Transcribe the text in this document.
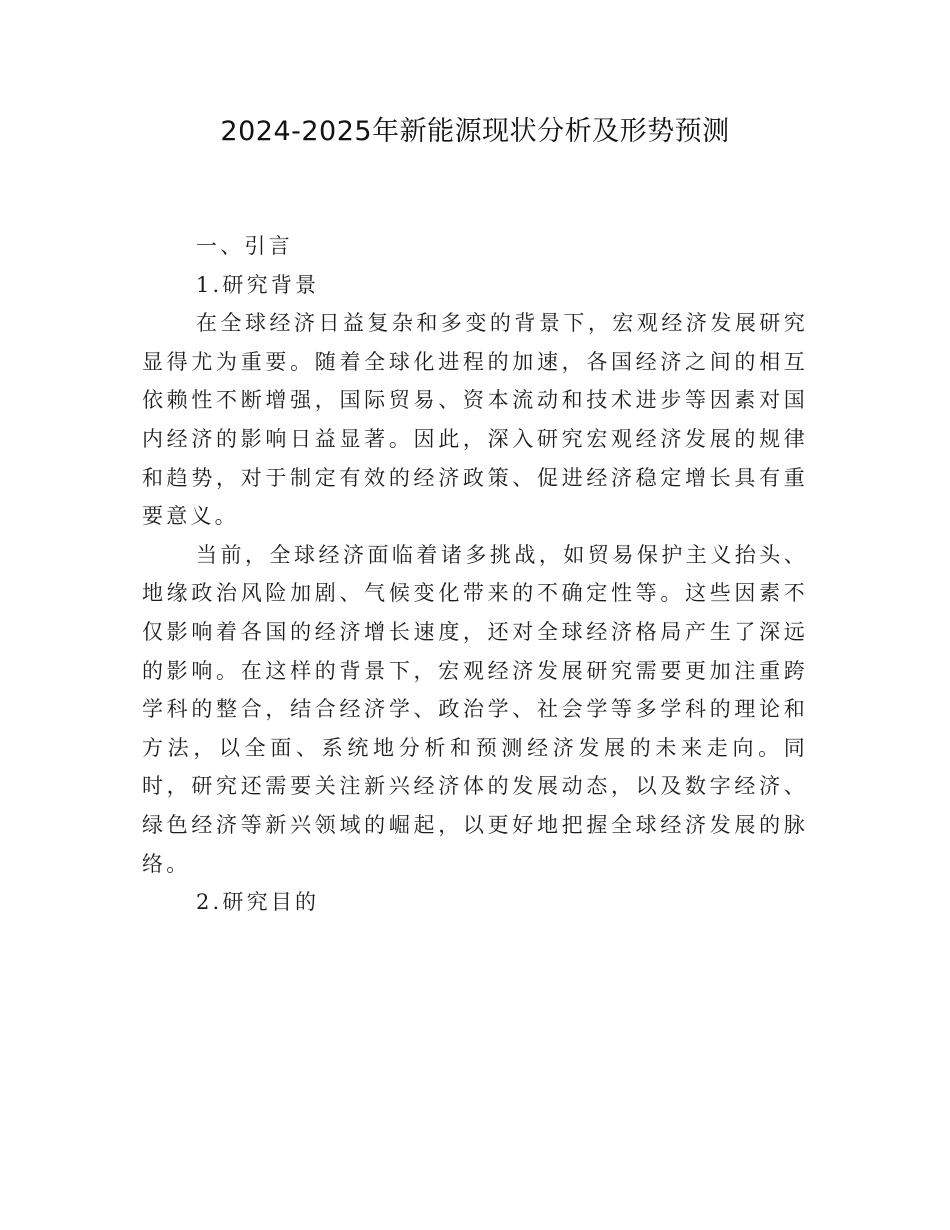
2024-2025年新能源现状分析及形势预测

一、引言

1.研究背景

在全球经济日益复杂和多变的背景下，宏观经济发展研究显得尤为重要。随着全球化进程的加速，各国经济之间的相互依赖性不断增强，国际贸易、资本流动和技术进步等因素对国内经济的影响日益显著。因此，深入研究宏观经济发展的规律和趋势，对于制定有效的经济政策、促进经济稳定增长具有重要意义。

当前，全球经济面临着诸多挑战，如贸易保护主义抬头、地缘政治风险加剧、气候变化带来的不确定性等。这些因素不仅影响着各国的经济增长速度，还对全球经济格局产生了深远的影响。在这样的背景下，宏观经济发展研究需要更加注重跨学科的整合，结合经济学、政治学、社会学等多学科的理论和方法，以全面、系统地分析和预测经济发展的未来走向。同时，研究还需要关注新兴经济体的发展动态，以及数字经济、绿色经济等新兴领域的崛起，以更好地把握全球经济发展的脉络。

2.研究目的
